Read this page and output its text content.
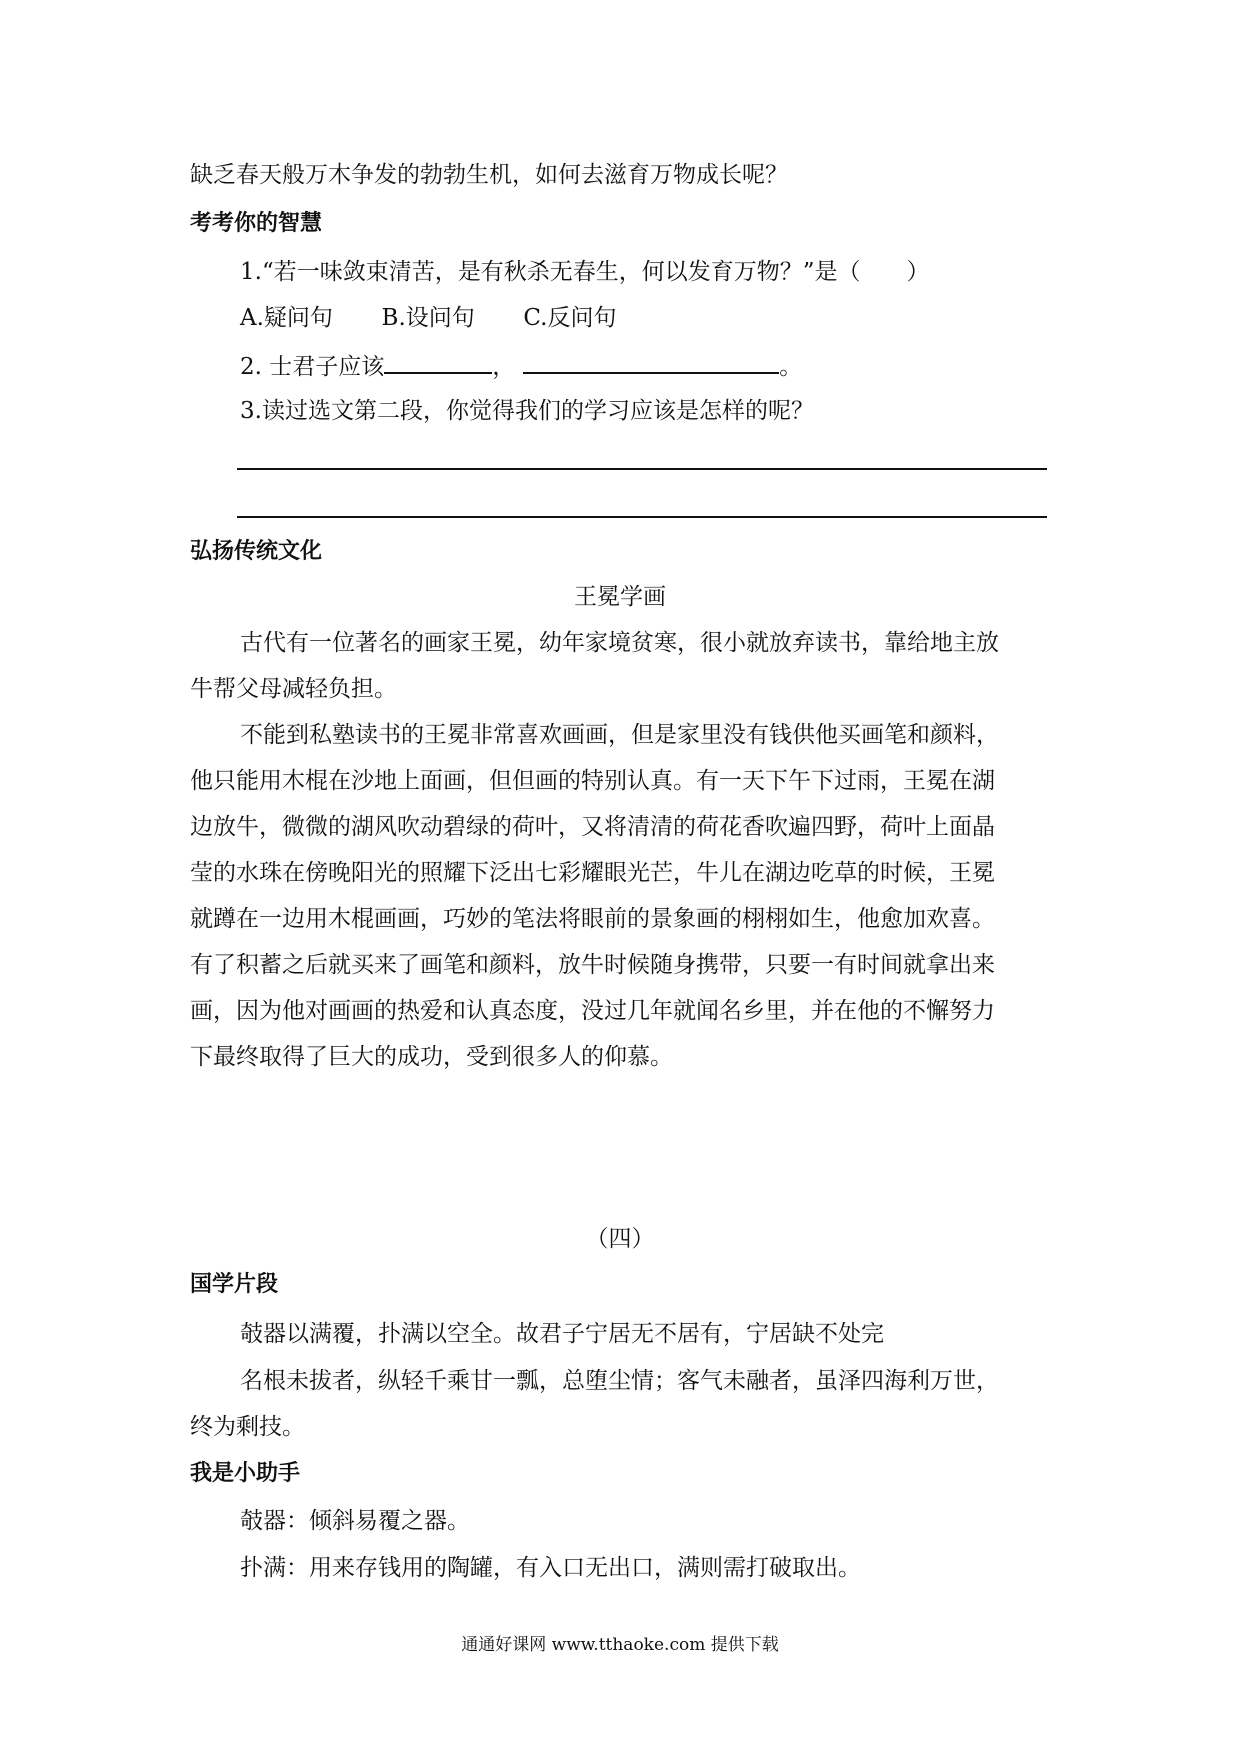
缺乏春天般万木争发的勃勃生机，如何去滋育万物成长呢？
考考你的智慧
1.“若一味敛束清苦，是有秋杀无春生，何以发育万物？”是（　　）
A.疑问句 B.设问句 C.反问句
2. 士君子应该	，	。
3.读过选文第二段，你觉得我们的学习应该是怎样的呢？
弘扬传统文化
王冕学画
古代有一位著名的画家王冕，幼年家境贫寒，很小就放弃读书，靠给地主放
牛帮父母减轻负担。
不能到私塾读书的王冕非常喜欢画画，但是家里没有钱供他买画笔和颜料，
他只能用木棍在沙地上面画，但但画的特别认真。有一天下午下过雨，王冕在湖
边放牛，微微的湖风吹动碧绿的荷叶，又将清清的荷花香吹遍四野，荷叶上面晶
莹的水珠在傍晚阳光的照耀下泛出七彩耀眼光芒，牛儿在湖边吃草的时候，王冕
就蹲在一边用木棍画画，巧妙的笔法将眼前的景象画的栩栩如生，他愈加欢喜。
有了积蓄之后就买来了画笔和颜料，放牛时候随身携带，只要一有时间就拿出来
画，因为他对画画的热爱和认真态度，没过几年就闻名乡里，并在他的不懈努力
下最终取得了巨大的成功，受到很多人的仰慕。
（四）
国学片段
攲器以满覆，扑满以空全。故君子宁居无不居有，宁居缺不处完
名根未拔者，纵轻千乘甘一瓢，总堕尘情；客气未融者，虽泽四海利万世，
终为剩技。
我是小助手
攲器：倾斜易覆之器。
扑满：用来存钱用的陶罐，有入口无出口，满则需打破取出。
通通好课网 www.tthaoke.com 提供下载
